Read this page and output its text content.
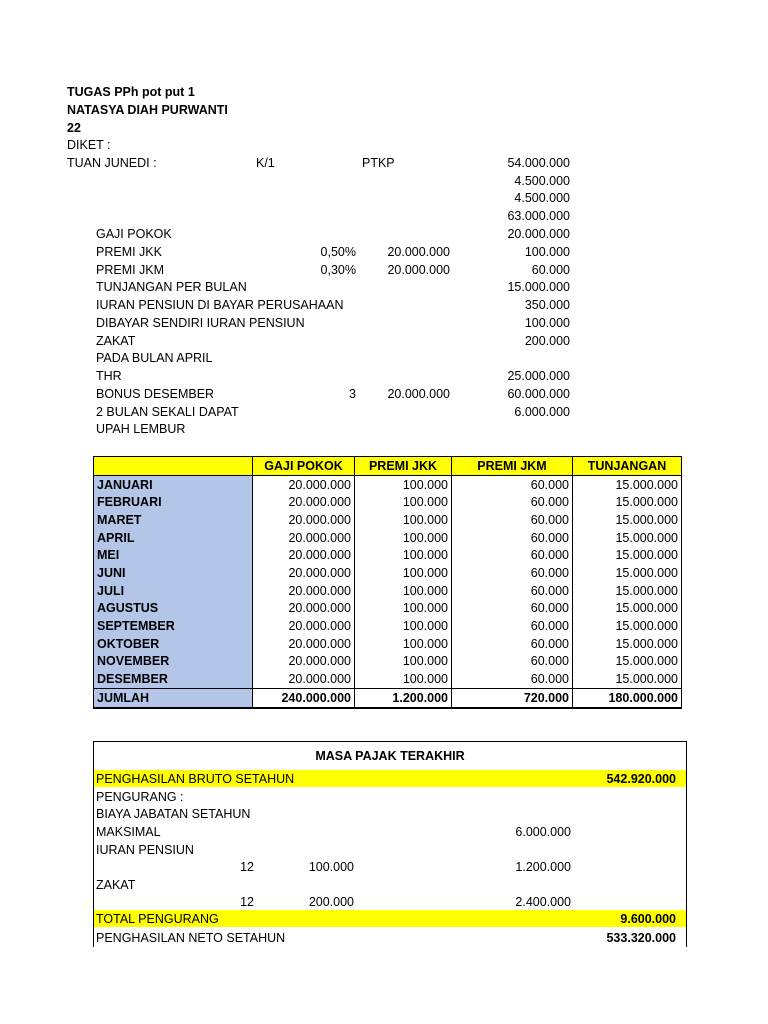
TUGAS PPh pot put 1
NATASYA DIAH PURWANTI
22
DIKET :
TUAN JUNEDI :	K/1	PTKP	54.000.000
4.500.000
4.500.000
63.000.000
GAJI POKOK	20.000.000
PREMI JKK	0,50%	20.000.000	100.000
PREMI JKM	0,30%	20.000.000	60.000
TUNJANGAN PER BULAN	15.000.000
IURAN PENSIUN DI BAYAR PERUSAHAAN	350.000
DIBAYAR SENDIRI IURAN PENSIUN	100.000
ZAKAT	200.000
PADA BULAN APRIL
THR	25.000.000
BONUS DESEMBER	3	20.000.000	60.000.000
2 BULAN SEKALI DAPAT	6.000.000
UPAH LEMBUR
	GAJI POKOK	PREMI JKK	PREMI JKM	TUNJANGAN
JANUARI	20.000.000	100.000	60.000	15.000.000
FEBRUARI	20.000.000	100.000	60.000	15.000.000
MARET	20.000.000	100.000	60.000	15.000.000
APRIL	20.000.000	100.000	60.000	15.000.000
MEI	20.000.000	100.000	60.000	15.000.000
JUNI	20.000.000	100.000	60.000	15.000.000
JULI	20.000.000	100.000	60.000	15.000.000
AGUSTUS	20.000.000	100.000	60.000	15.000.000
SEPTEMBER	20.000.000	100.000	60.000	15.000.000
OKTOBER	20.000.000	100.000	60.000	15.000.000
NOVEMBER	20.000.000	100.000	60.000	15.000.000
DESEMBER	20.000.000	100.000	60.000	15.000.000
JUMLAH	240.000.000	1.200.000	720.000	180.000.000
MASA PAJAK TERAKHIR
PENGHASILAN BRUTO SETAHUN	542.920.000
PENGURANG :
BIAYA JABATAN SETAHUN
MAKSIMAL	6.000.000
IURAN PENSIUN
12	100.000	1.200.000
ZAKAT
12	200.000	2.400.000
TOTAL PENGURANG	9.600.000
PENGHASILAN NETO SETAHUN	533.320.000
